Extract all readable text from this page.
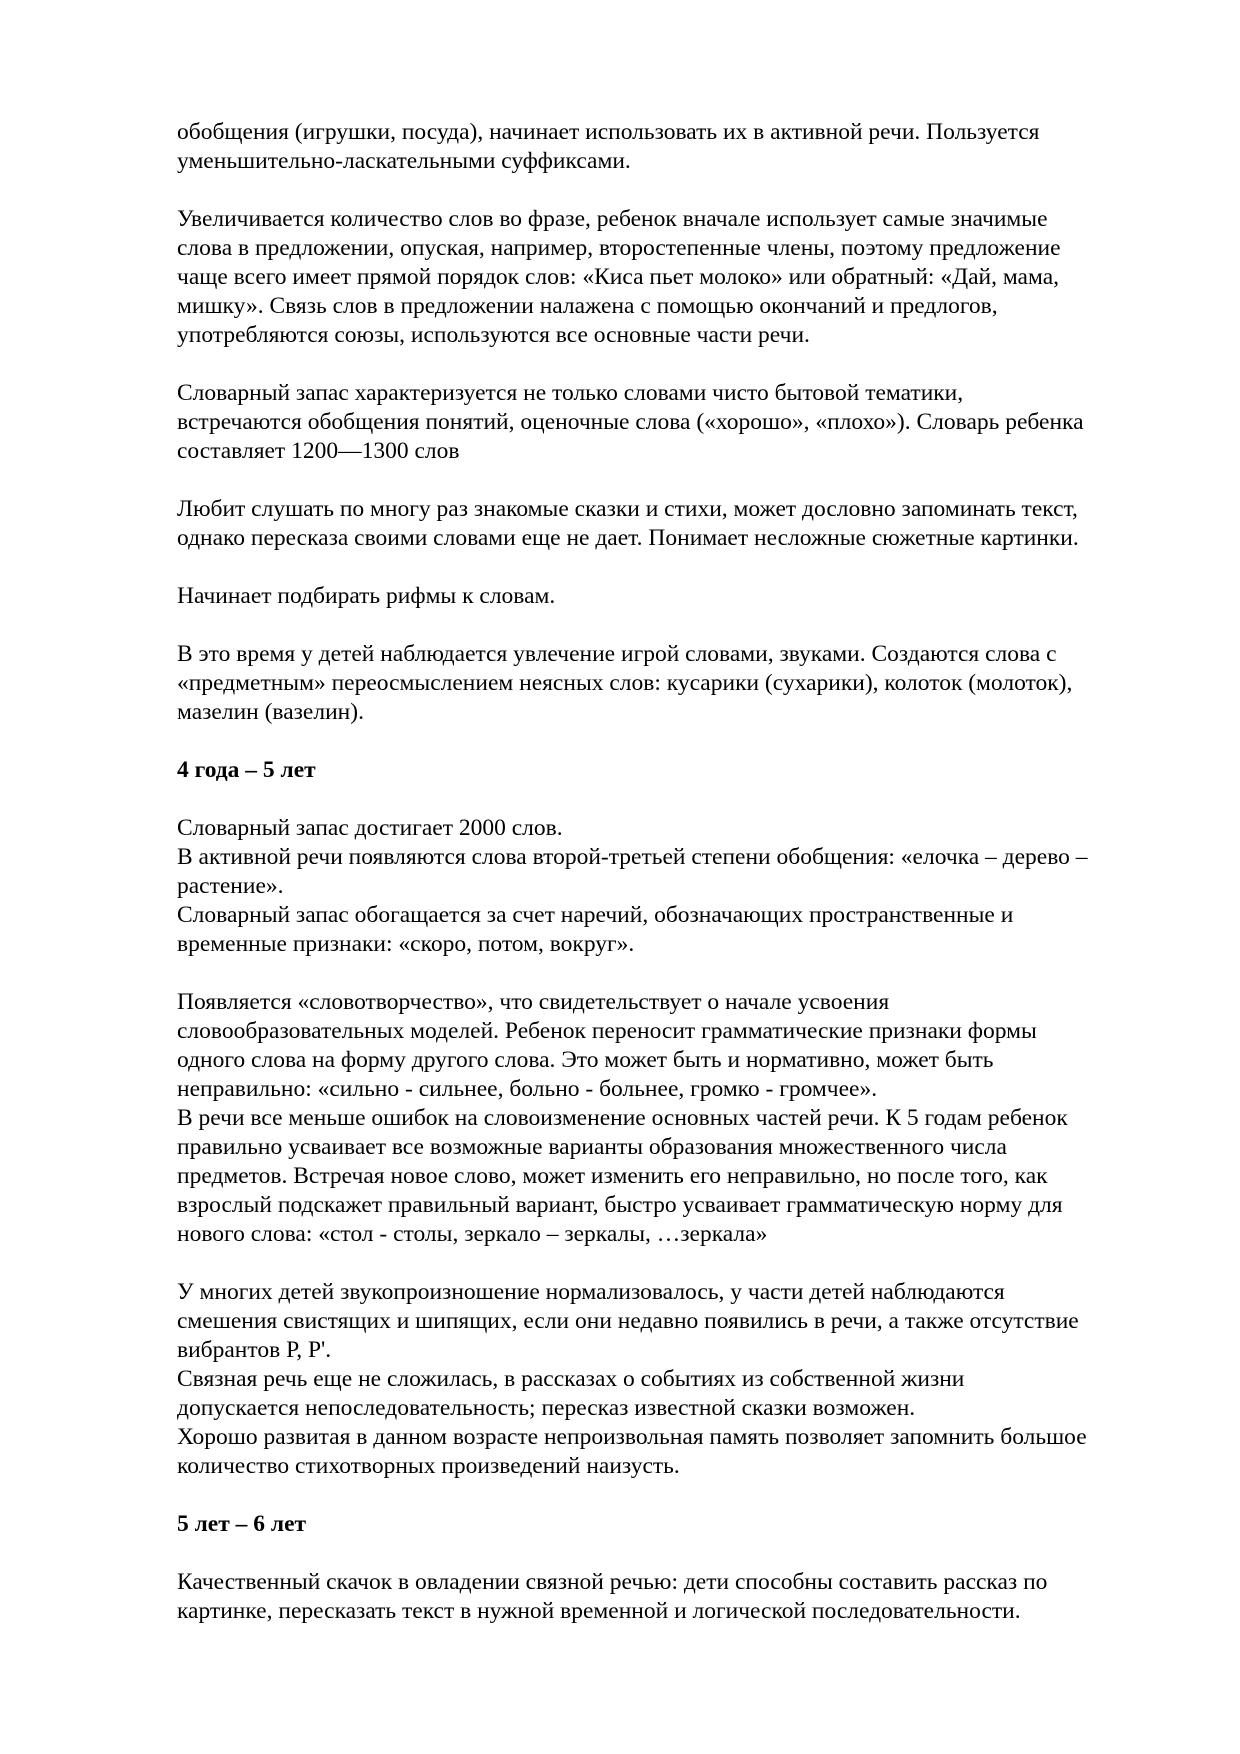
обобщения (игрушки, посуда), начинает использовать их в активной речи. Пользуется
уменьшительно-ласкательными суффиксами.
Увеличивается количество слов во фразе, ребенок вначале использует самые значимые
слова в предложении, опуская, например, второстепенные члены, поэтому предложение
чаще всего имеет прямой порядок слов: «Киса пьет молоко» или обратный: «Дай, мама,
мишку». Связь слов в предложении налажена с помощью окончаний и предлогов,
употребляются союзы, используются все основные части речи.
Словарный запас характеризуется не только словами чисто бытовой тематики,
встречаются обобщения понятий, оценочные слова («хорошо», «плохо»). Словарь ребенка
составляет 1200—1300 слов
Любит слушать по многу раз знакомые сказки и стихи, может дословно запоминать текст,
однако пересказа своими словами еще не дает. Понимает несложные сюжетные картинки.
Начинает подбирать рифмы к словам.
В это время у детей наблюдается увлечение игрой словами, звуками. Создаются слова с
«предметным» переосмыслением неясных слов: кусарики (сухарики), колоток (молоток),
мазелин (вазелин).
4 года – 5 лет
Словарный запас достигает 2000 слов.
В активной речи появляются слова второй-третьей степени обобщения: «елочка – дерево –
растение».
Словарный запас обогащается за счет наречий, обозначающих пространственные и
временные признаки: «скоро, потом, вокруг».
Появляется «словотворчество», что свидетельствует о начале усвоения
словообразовательных моделей. Ребенок переносит грамматические признаки формы
одного слова на форму другого слова. Это может быть и нормативно, может быть
неправильно: «сильно - сильнее, больно - больнее, громко - громчее».
В речи все меньше ошибок на словоизменение основных частей речи. К 5 годам ребенок
правильно усваивает все возможные варианты образования множественного числа
предметов. Встречая новое слово, может изменить его неправильно, но после того, как
взрослый подскажет правильный вариант, быстро усваивает грамматическую норму для
нового слова: «стол - столы, зеркало – зеркалы, …зеркала»
У многих детей звукопроизношение нормализовалось, у части детей наблюдаются
смешения свистящих и шипящих, если они недавно появились в речи, а также отсутствие
вибрантов Р, Р'.
Связная речь еще не сложилась, в рассказах о событиях из собственной жизни
допускается непоследовательность; пересказ известной сказки возможен.
Хорошо развитая в данном возрасте непроизвольная память позволяет запомнить большое
количество стихотворных произведений наизусть.
5 лет – 6 лет
Качественный скачок в овладении связной речью: дети способны составить рассказ по
картинке, пересказать текст в нужной временной и логической последовательности.
